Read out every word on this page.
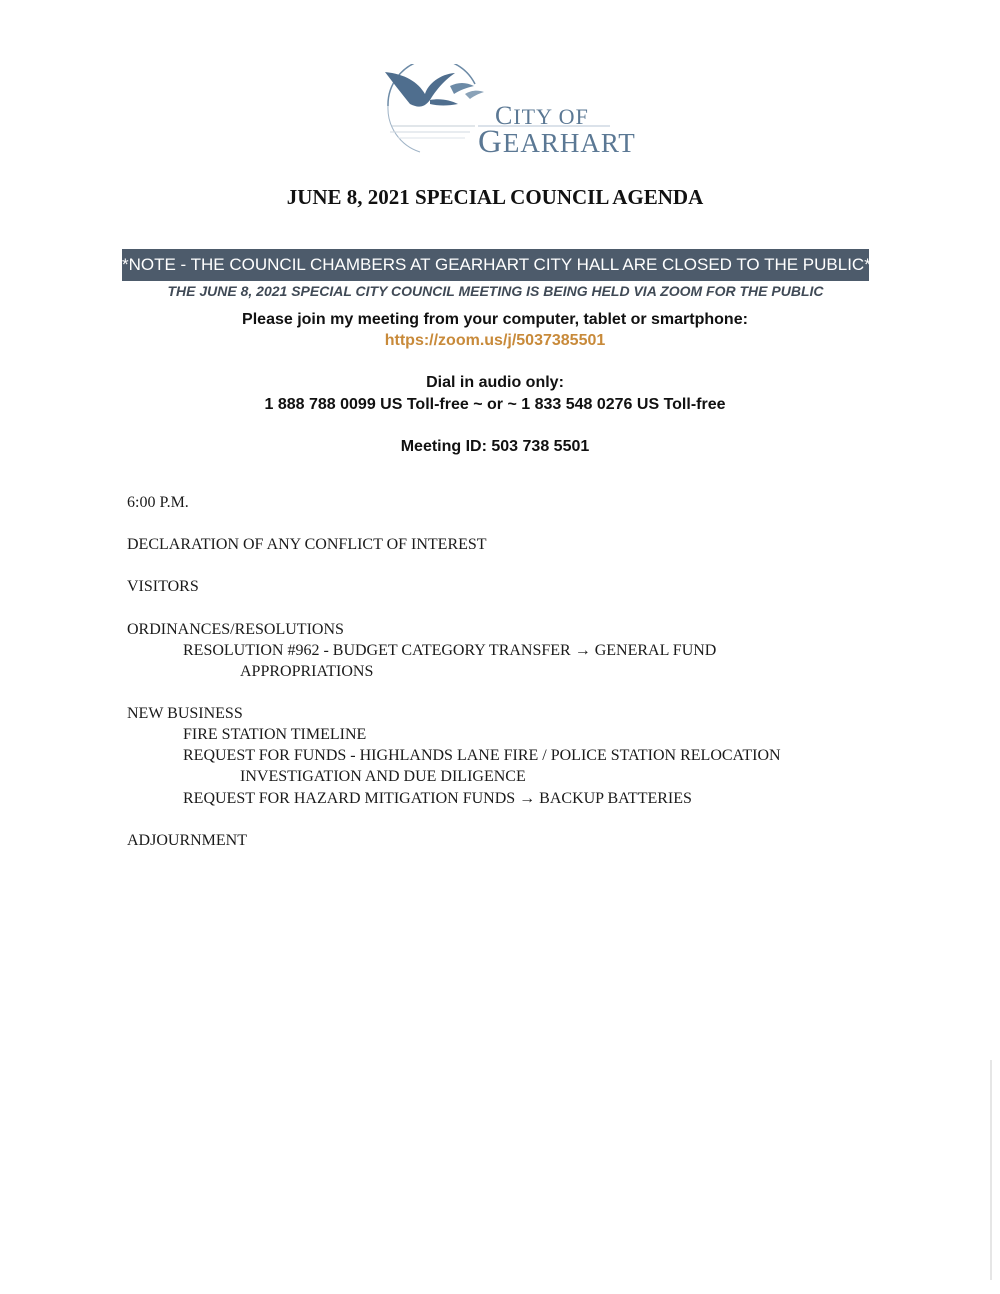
CITY OF
GEARHART
JUNE 8, 2021 SPECIAL COUNCIL AGENDA
*NOTE - THE COUNCIL CHAMBERS AT GEARHART CITY HALL ARE CLOSED TO THE PUBLIC*
THE JUNE 8, 2021 SPECIAL CITY COUNCIL MEETING IS BEING HELD VIA ZOOM FOR THE PUBLIC
Please join my meeting from your computer, tablet or smartphone:
https://zoom.us/j/5037385501
Dial in audio only:
1 888 788 0099 US Toll-free ~ or ~ 1 833 548 0276 US Toll-free
Meeting ID: 503 738 5501
6:00 P.M.
DECLARATION OF ANY CONFLICT OF INTEREST
VISITORS
ORDINANCES/RESOLUTIONS
RESOLUTION #962 - BUDGET CATEGORY TRANSFER → GENERAL FUND
APPROPRIATIONS
NEW BUSINESS
FIRE STATION TIMELINE
REQUEST FOR FUNDS - HIGHLANDS LANE FIRE / POLICE STATION RELOCATION
INVESTIGATION AND DUE DILIGENCE
REQUEST FOR HAZARD MITIGATION FUNDS → BACKUP BATTERIES
ADJOURNMENT
